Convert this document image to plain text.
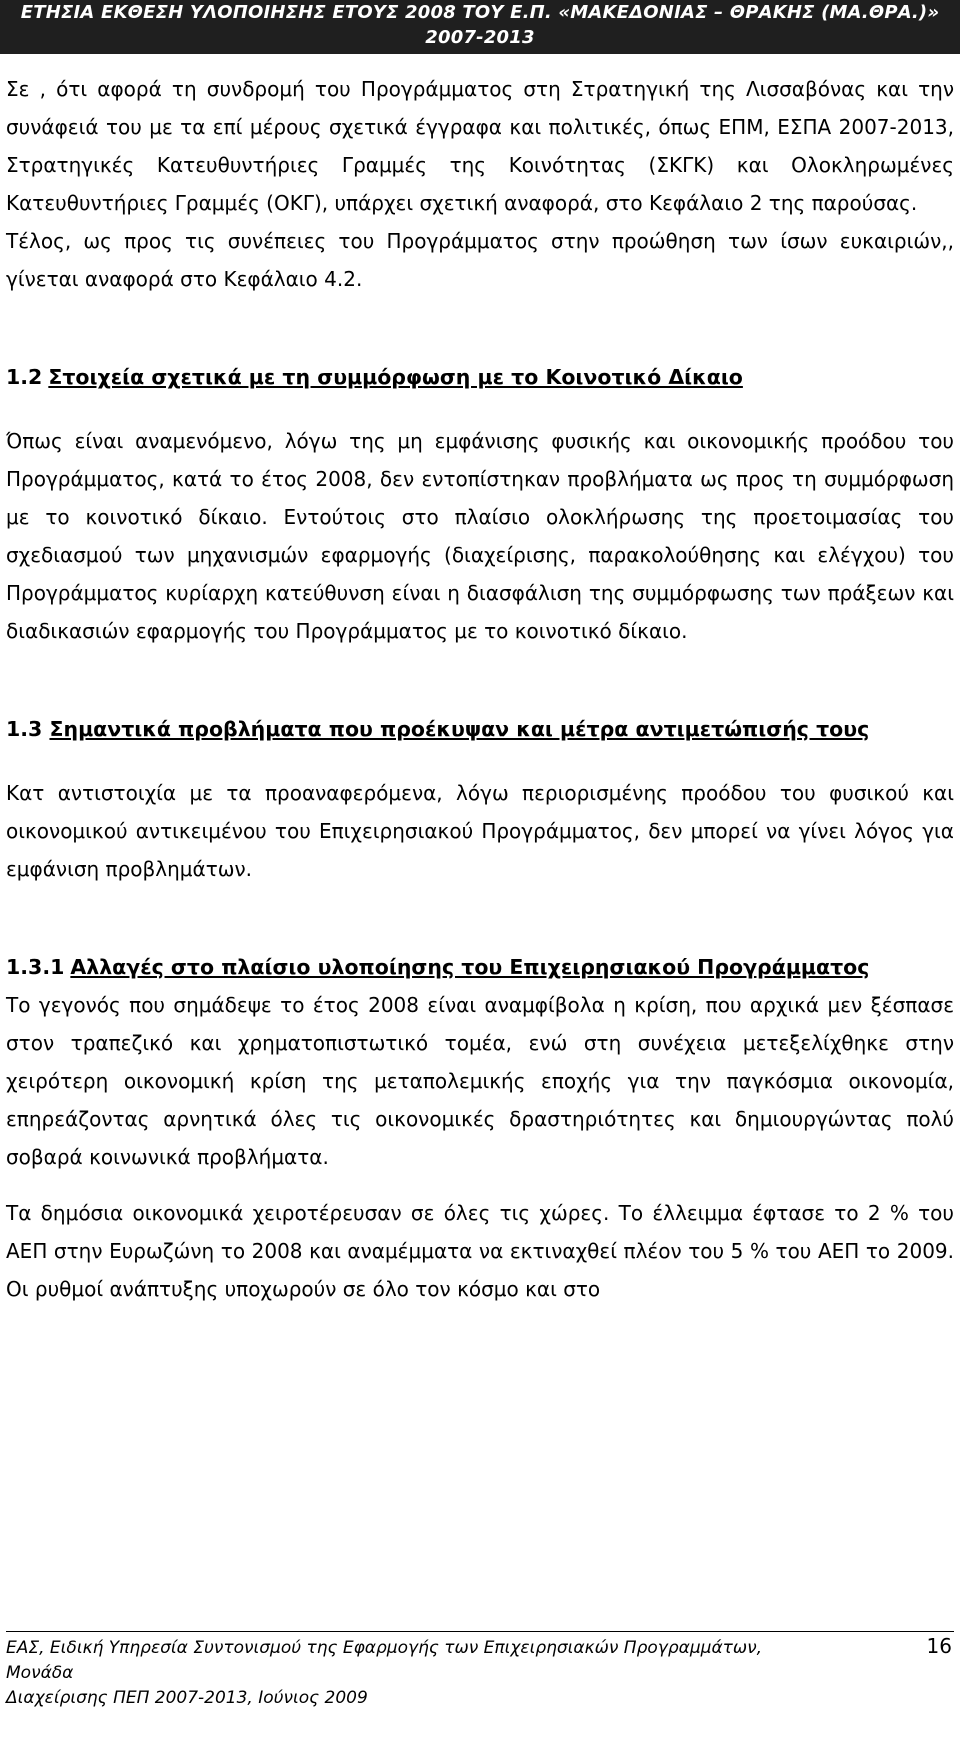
ΕΤΗΣΙΑ ΕΚΘΕΣΗ ΥΛΟΠΟΙΗΣΗΣ ΕΤΟΥΣ 2008 ΤΟΥ Ε.Π. «ΜΑΚΕΔΟΝΙΑΣ – ΘΡΑΚΗΣ (ΜΑ.ΘΡΑ.)»
2007-2013

Σε , ότι αφορά τη συνδρομή του Προγράμματος στη Στρατηγική της Λισσαβόνας και την συνάφειά του με τα επί μέρους σχετικά έγγραφα και πολιτικές, όπως ΕΠΜ, ΕΣΠΑ 2007-2013, Στρατηγικές Κατευθυντήριες Γραμμές της Κοινότητας (ΣΚΓΚ) και Ολοκληρωμένες Κατευθυντήριες Γραμμές (ΟΚΓ), υπάρχει σχετική αναφορά, στο Κεφάλαιο 2 της παρούσας.

Τέλος, ως προς τις συνέπειες του Προγράμματος στην προώθηση των ίσων ευκαιριών,, γίνεται αναφορά στο Κεφάλαιο 4.2.

1.2 Στοιχεία σχετικά με τη συμμόρφωση με το Κοινοτικό Δίκαιο

Όπως είναι αναμενόμενο, λόγω της μη εμφάνισης φυσικής και οικονομικής προόδου του Προγράμματος, κατά το έτος 2008, δεν εντοπίστηκαν προβλήματα ως προς τη συμμόρφωση με το κοινοτικό δίκαιο. Εντούτοις στο πλαίσιο ολοκλήρωσης της προετοιμασίας του σχεδιασμού των μηχανισμών εφαρμογής (διαχείρισης, παρακολούθησης και ελέγχου) του Προγράμματος κυρίαρχη κατεύθυνση είναι η διασφάλιση της συμμόρφωσης των πράξεων και διαδικασιών εφαρμογής του Προγράμματος με το κοινοτικό δίκαιο.

1.3 Σημαντικά προβλήματα που προέκυψαν και μέτρα αντιμετώπισής τους

Κατ αντιστοιχία με τα προαναφερόμενα, λόγω περιορισμένης προόδου του φυσικού και οικονομικού αντικειμένου του Επιχειρησιακού Προγράμματος, δεν μπορεί να γίνει λόγος για εμφάνιση προβλημάτων.

1.3.1 Αλλαγές στο πλαίσιο υλοποίησης του Επιχειρησιακού Προγράμματος

Το γεγονός που σημάδεψε το έτος 2008 είναι αναμφίβολα η κρίση, που αρχικά μεν ξέσπασε στον τραπεζικό και χρηματοπιστωτικό τομέα, ενώ στη συνέχεια μετεξελίχθηκε στην χειρότερη οικονομική κρίση της μεταπολεμικής εποχής για την παγκόσμια οικονομία, επηρεάζοντας αρνητικά όλες τις οικονομικές δραστηριότητες και δημιουργώντας πολύ σοβαρά κοινωνικά προβλήματα.

Τα δημόσια οικονομικά χειροτέρευσαν σε όλες τις χώρες. Το έλλειμμα έφτασε το 2 % του ΑΕΠ στην Ευρωζώνη το 2008 και αναμέμματα να εκτιναχθεί πλέον του 5 % του ΑΕΠ το 2009. Οι ρυθμοί ανάπτυξης υποχωρούν σε όλο τον κόσμο και στο

ΕΑΣ, Ειδική Υπηρεσία Συντονισμού της Εφαρμογής των Επιχειρησιακών Προγραμμάτων, Μονάδα
Διαχείρισης ΠΕΠ 2007-2013, Ιούνιος 2009
16
